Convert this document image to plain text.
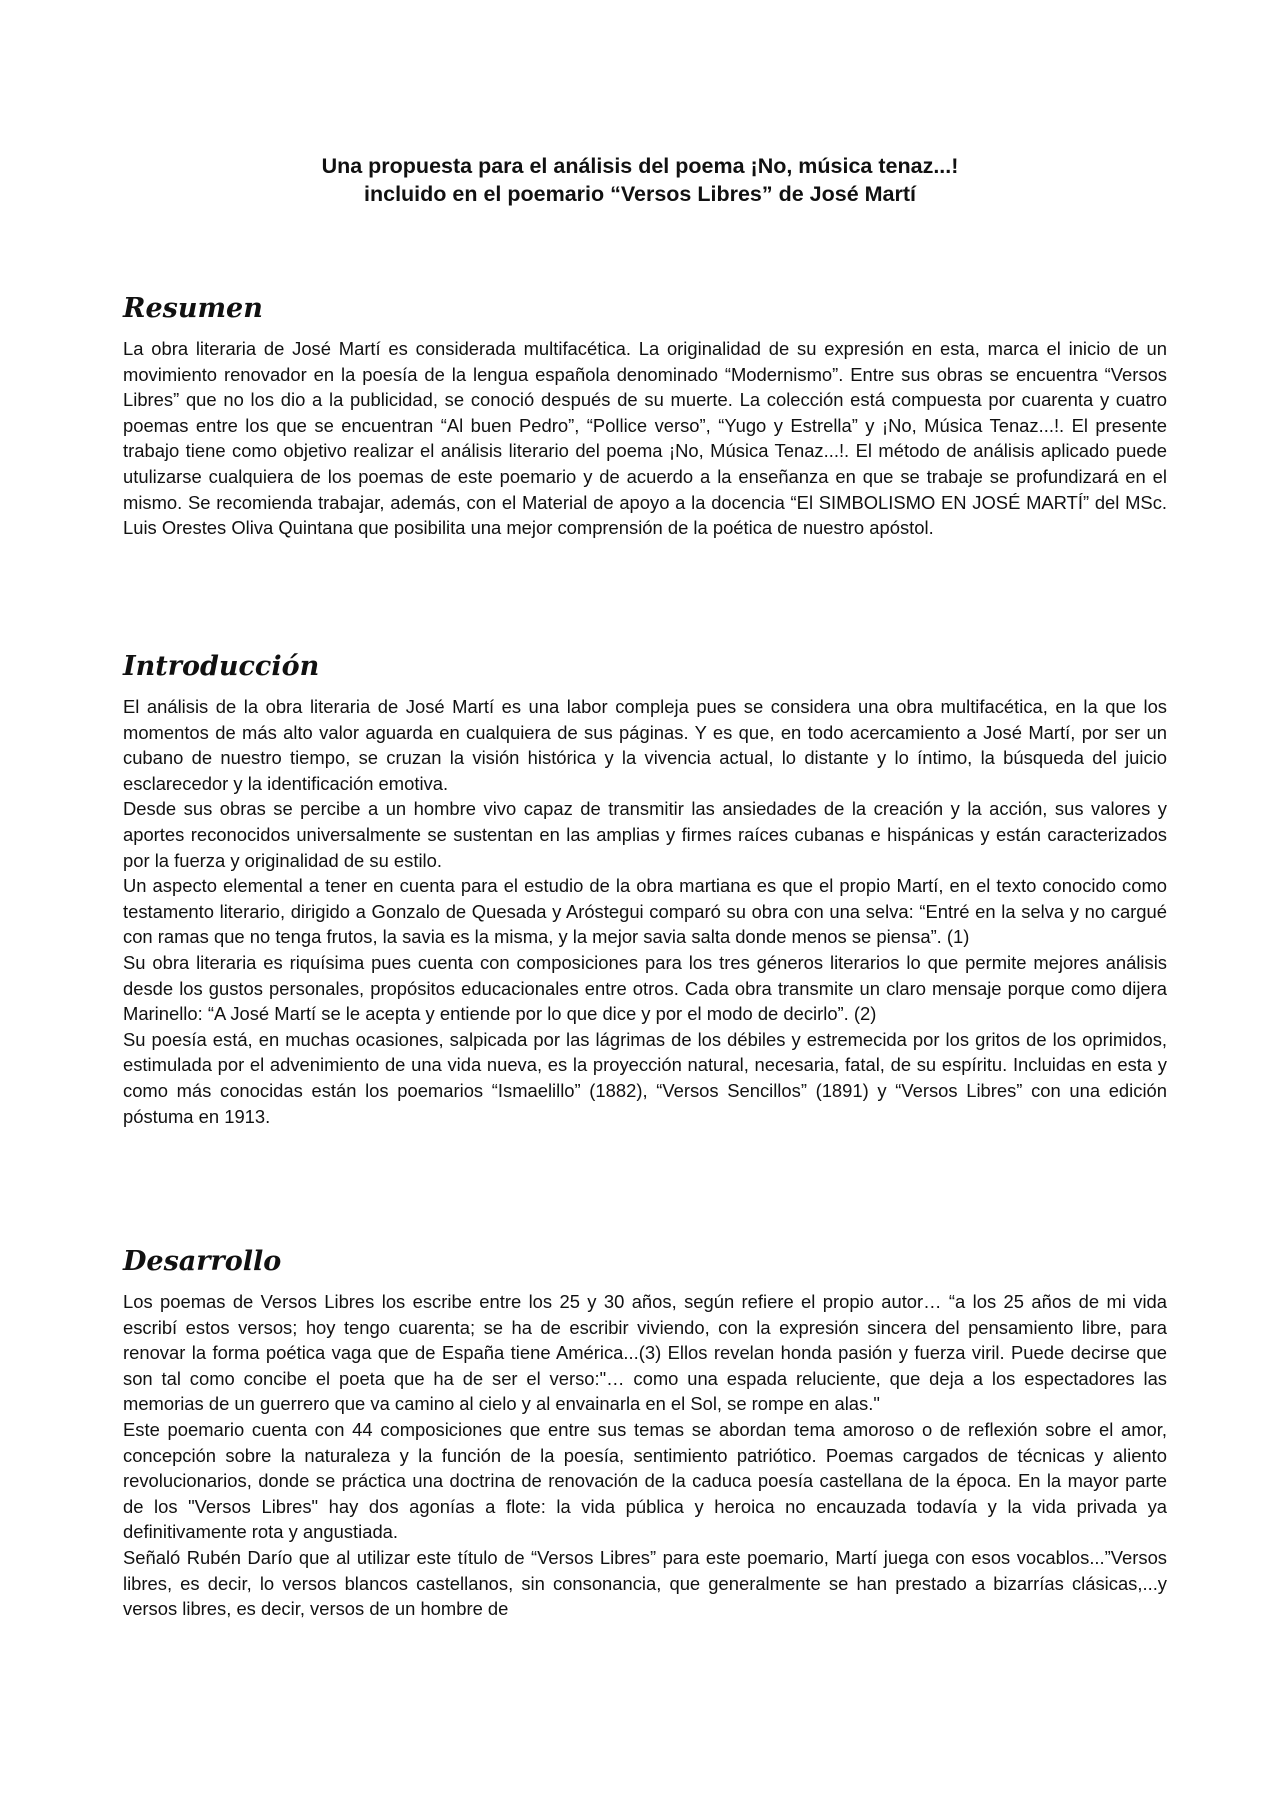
Una propuesta para el análisis del poema ¡No, música tenaz...!
incluido en el poemario “Versos Libres” de José Martí
Resumen

La obra literaria de José Martí es considerada multifacética. La originalidad de su expresión en esta, marca el inicio de un movimiento renovador en la poesía de la lengua española denominado “Modernismo”. Entre sus obras se encuentra “Versos Libres” que no los dio a la publicidad, se conoció después de su muerte. La colección está compuesta por cuarenta y cuatro poemas entre los que se encuentran “Al buen Pedro”, “Pollice verso”, “Yugo y Estrella” y ¡No, Música Tenaz...!. El presente trabajo tiene como objetivo realizar el análisis literario del poema ¡No, Música Tenaz...!. El método de análisis aplicado puede utulizarse cualquiera de los poemas de este poemario y de acuerdo a la enseñanza en que se trabaje se profundizará en el mismo. Se recomienda trabajar, además, con el Material de apoyo a la docencia “El SIMBOLISMO EN JOSÉ MARTÍ” del MSc. Luis Orestes Oliva Quintana que posibilita una mejor comprensión de la poética de nuestro apóstol.

Introducción

El análisis de la obra literaria de José Martí es una labor compleja pues se considera una obra multifacética, en la que los momentos de más alto valor aguarda en cualquiera de sus páginas. Y es que, en todo acercamiento a José Martí, por ser un cubano de nuestro tiempo, se cruzan la visión histórica y la vivencia actual, lo distante y lo íntimo, la búsqueda del juicio esclarecedor y la identificación emotiva.

Desde sus obras se percibe a un hombre vivo capaz de transmitir las ansiedades de la creación y la acción, sus valores y aportes reconocidos universalmente se sustentan en las amplias y firmes raíces cubanas e hispánicas y están caracterizados por la fuerza y originalidad de su estilo.

Un aspecto elemental a tener en cuenta para el estudio de la obra martiana es que el propio Martí, en el texto conocido como testamento literario, dirigido a Gonzalo de Quesada y Aróstegui comparó su obra con una selva: “Entré en la selva y no cargué con ramas que no tenga frutos, la savia es la misma, y la mejor savia salta donde menos se piensa”. (1)

Su obra literaria es riquísima pues cuenta con composiciones para los tres géneros literarios lo que permite mejores análisis desde los gustos personales, propósitos educacionales entre otros. Cada obra transmite un claro mensaje porque como dijera Marinello: “A José Martí se le acepta y entiende por lo que dice y por el modo de decirlo”. (2)

Su poesía está, en muchas ocasiones, salpicada por las lágrimas de los débiles y estremecida por los gritos de los oprimidos, estimulada por el advenimiento de una vida nueva, es la proyección natural, necesaria, fatal, de su espíritu. Incluidas en esta y como más conocidas están los poemarios “Ismaelillo” (1882), “Versos Sencillos” (1891) y “Versos Libres” con una edición póstuma en 1913.

Desarrollo

Los poemas de Versos Libres los escribe entre los 25 y 30 años, según refiere el propio autor… “a los 25 años de mi vida escribí estos versos; hoy tengo cuarenta; se ha de escribir viviendo, con la expresión sincera del pensamiento libre, para renovar la forma poética vaga que de España tiene América...(3) Ellos revelan honda pasión y fuerza viril. Puede decirse que son tal como concibe el poeta que ha de ser el verso:"… como una espada reluciente, que deja a los espectadores las memorias de un guerrero que va camino al cielo y al envainarla en el Sol, se rompe en alas."

Este poemario cuenta con 44 composiciones que entre sus temas se abordan tema amoroso o de reflexión sobre el amor, concepción sobre la naturaleza y la función de la poesía, sentimiento patriótico. Poemas cargados de técnicas y aliento revolucionarios, donde se práctica una doctrina de renovación de la caduca poesía castellana de la época. En la mayor parte de los "Versos Libres" hay dos agonías a flote: la vida pública y heroica no encauzada todavía y la vida privada ya definitivamente rota y angustiada.

Señaló Rubén Darío que al utilizar este título de “Versos Libres” para este poemario, Martí juega con esos vocablos...”Versos libres, es decir, lo versos blancos castellanos, sin consonancia, que generalmente se han prestado a bizarrías clásicas,...y versos libres, es decir, versos de un hombre de
